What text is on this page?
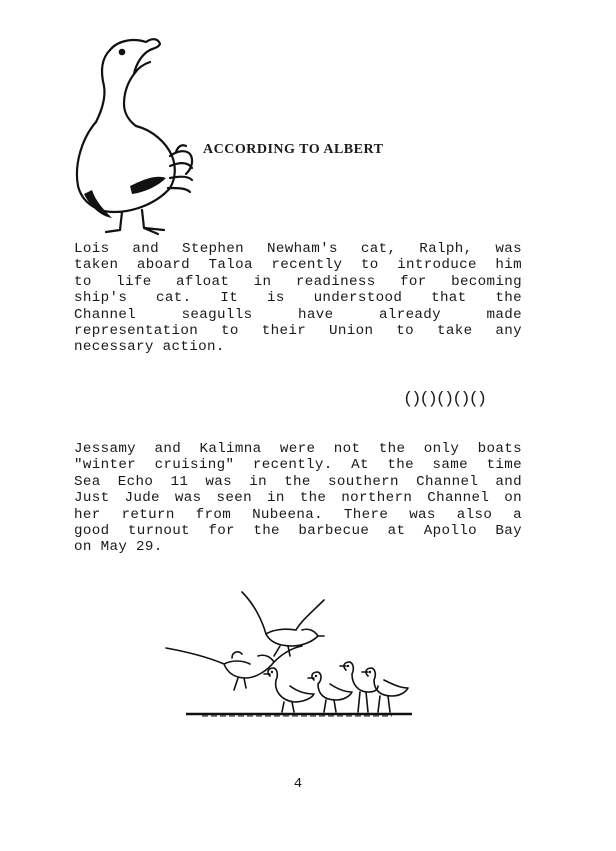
ACCORDING TO ALBERT
Lois and Stephen Newham's cat, Ralph, was
taken aboard Taloa recently to introduce him
to life afloat in readiness for becoming
ship's cat. It is understood that the
Channel seagulls have already made
representation to their Union to take any
necessary action.
()()()()()
Jessamy and Kalimna were not the only boats
"winter cruising" recently. At the same time
Sea Echo 11 was in the southern Channel and
Just Jude was seen in the northern Channel on
her return from Nubeena. There was also a
good turnout for the barbecue at Apollo Bay
on May 29.
4
